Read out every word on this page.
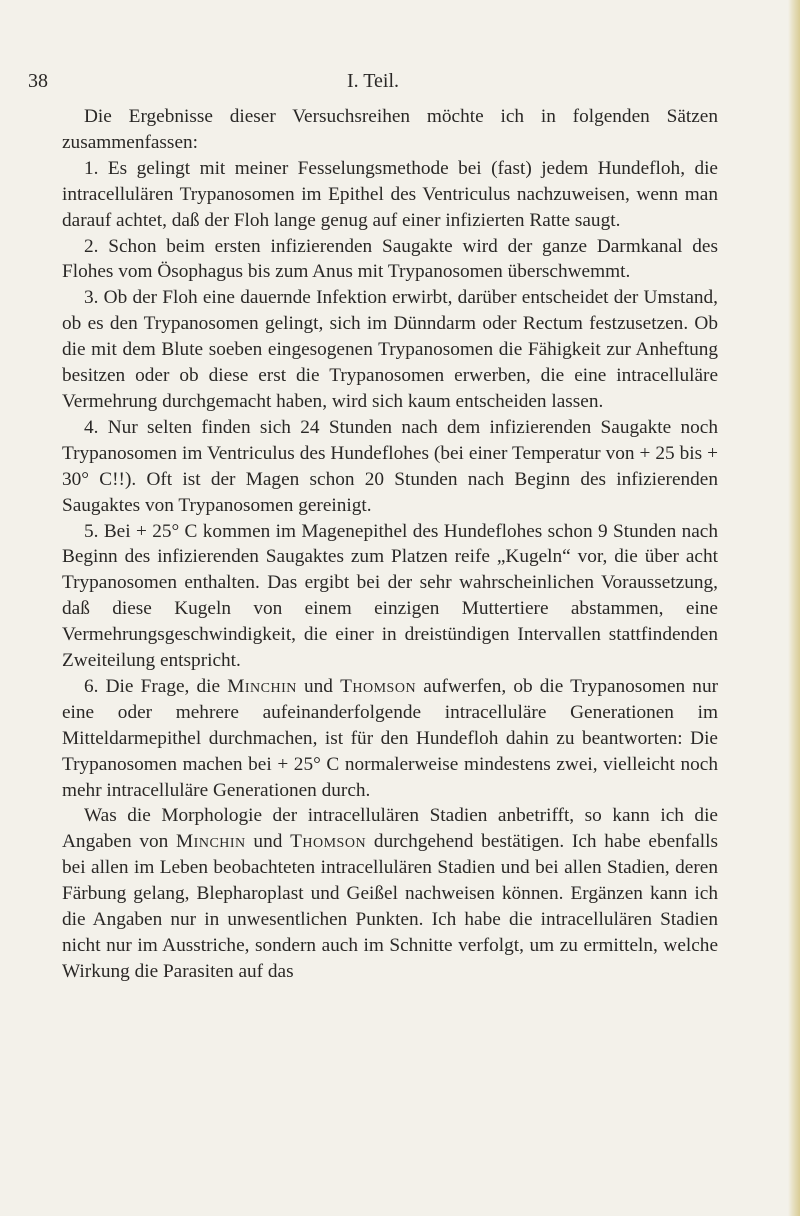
38	I. Teil.

Die Ergebnisse dieser Versuchsreihen möchte ich in folgenden Sätzen zusammenfassen:

1. Es gelingt mit meiner Fesselungsmethode bei (fast) jedem Hundefloh, die intracellulären Trypanosomen im Epithel des Ventriculus nachzuweisen, wenn man darauf achtet, daß der Floh lange genug auf einer infizierten Ratte saugt.

2. Schon beim ersten infizierenden Saugakte wird der ganze Darmkanal des Flohes vom Ösophagus bis zum Anus mit Trypanosomen überschwemmt.

3. Ob der Floh eine dauernde Infektion erwirbt, darüber entscheidet der Umstand, ob es den Trypanosomen gelingt, sich im Dünndarm oder Rectum festzusetzen. Ob die mit dem Blute soeben eingesogenen Trypanosomen die Fähigkeit zur Anheftung besitzen oder ob diese erst die Trypanosomen erwerben, die eine intracelluläre Vermehrung durchgemacht haben, wird sich kaum entscheiden lassen.

4. Nur selten finden sich 24 Stunden nach dem infizierenden Saugakte noch Trypanosomen im Ventriculus des Hundeflohes (bei einer Temperatur von + 25 bis + 30° C!!). Oft ist der Magen schon 20 Stunden nach Beginn des infizierenden Saugaktes von Trypanosomen gereinigt.

5. Bei + 25° C kommen im Magenepithel des Hundeflohes schon 9 Stunden nach Beginn des infizierenden Saugaktes zum Platzen reife „Kugeln“ vor, die über acht Trypanosomen enthalten. Das ergibt bei der sehr wahrscheinlichen Voraussetzung, daß diese Kugeln von einem einzigen Muttertiere abstammen, eine Vermehrungsgeschwindigkeit, die einer in dreistündigen Intervallen stattfindenden Zweiteilung entspricht.

6. Die Frage, die Minchin und Thomson aufwerfen, ob die Trypanosomen nur eine oder mehrere aufeinanderfolgende intracelluläre Generationen im Mitteldarmepithel durchmachen, ist für den Hundefloh dahin zu beantworten: Die Trypanosomen machen bei + 25° C normalerweise mindestens zwei, vielleicht noch mehr intracelluläre Generationen durch.

Was die Morphologie der intracellulären Stadien anbetrifft, so kann ich die Angaben von Minchin und Thomson durchgehend bestätigen. Ich habe ebenfalls bei allen im Leben beobachteten intracellulären Stadien und bei allen Stadien, deren Färbung gelang, Blepharoplast und Geißel nachweisen können. Ergänzen kann ich die Angaben nur in unwesentlichen Punkten. Ich habe die intracellulären Stadien nicht nur im Ausstriche, sondern auch im Schnitte verfolgt, um zu ermitteln, welche Wirkung die Parasiten auf das
